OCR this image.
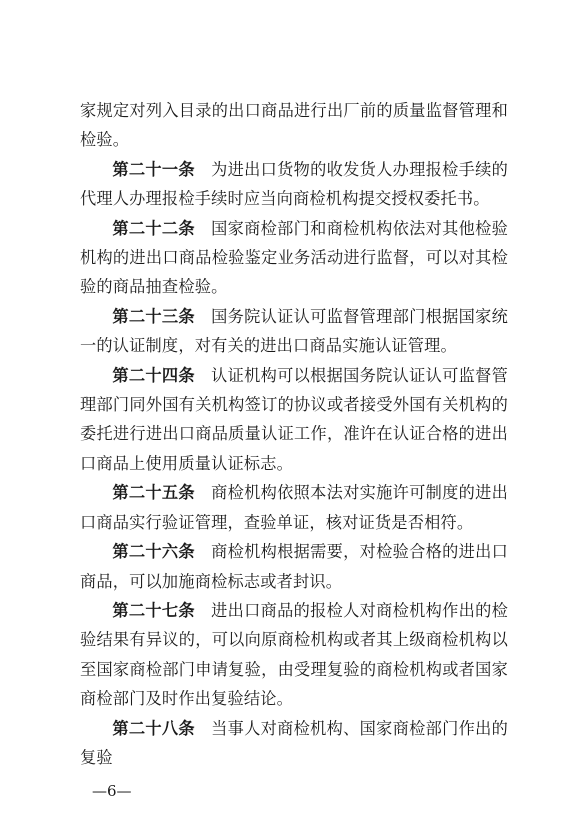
家规定对列入目录的出口商品进行出厂前的质量监督管理和检验。

第二十一条 为进出口货物的收发货人办理报检手续的代理人办理报检手续时应当向商检机构提交授权委托书。

第二十二条 国家商检部门和商检机构依法对其他检验机构的进出口商品检验鉴定业务活动进行监督，可以对其检验的商品抽查检验。

第二十三条 国务院认证认可监督管理部门根据国家统一的认证制度，对有关的进出口商品实施认证管理。

第二十四条 认证机构可以根据国务院认证认可监督管理部门同外国有关机构签订的协议或者接受外国有关机构的委托进行进出口商品质量认证工作，准许在认证合格的进出口商品上使用质量认证标志。

第二十五条 商检机构依照本法对实施许可制度的进出口商品实行验证管理，查验单证，核对证货是否相符。

第二十六条 商检机构根据需要，对检验合格的进出口商品，可以加施商检标志或者封识。

第二十七条 进出口商品的报检人对商检机构作出的检验结果有异议的，可以向原商检机构或者其上级商检机构以至国家商检部门申请复验，由受理复验的商检机构或者国家商检部门及时作出复验结论。

第二十八条 当事人对商检机构、国家商检部门作出的复验

—6—
